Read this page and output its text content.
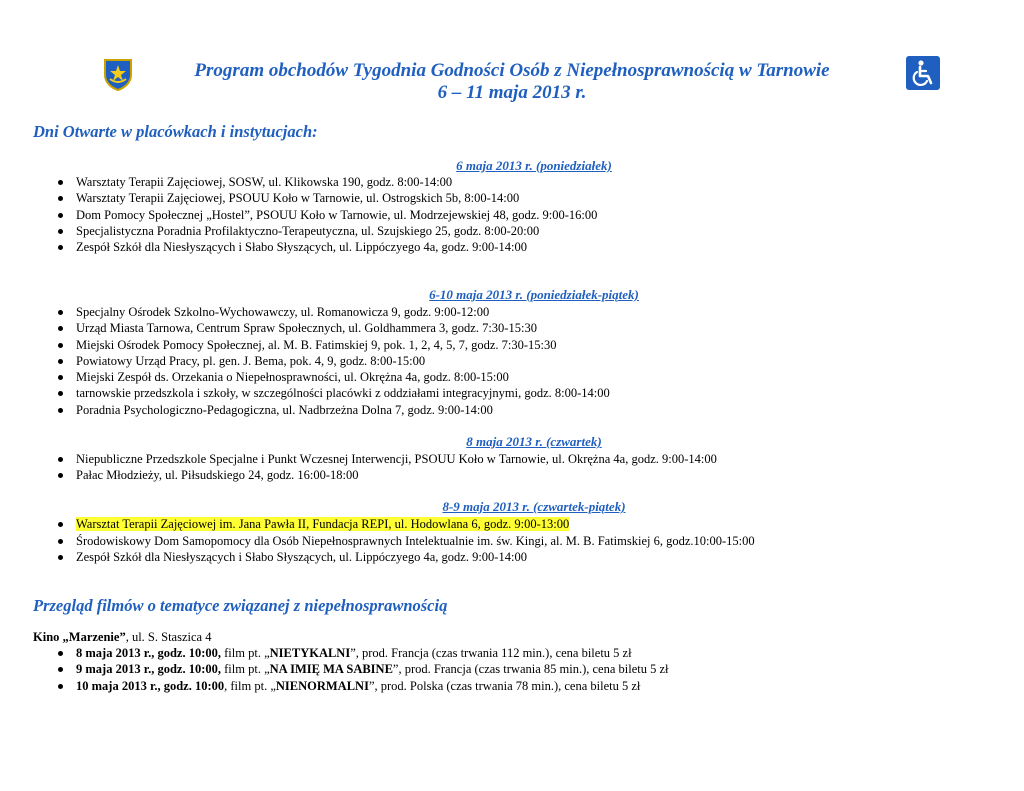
Program obchodów Tygodnia Godności Osób z Niepełnosprawnością w Tarnowie
6 – 11 maja 2013 r.
Dni Otwarte w placówkach i instytucjach:
6 maja 2013 r. (poniedziałek)
Warsztaty Terapii Zajęciowej, SOSW, ul. Klikowska 190, godz. 8:00-14:00
Warsztaty Terapii Zajęciowej, PSOUU Koło w Tarnowie, ul. Ostrogskich 5b, 8:00-14:00
Dom Pomocy Społecznej „Hostel”, PSOUU Koło w Tarnowie, ul. Modrzejewskiej 48, godz. 9:00-16:00
Specjalistyczna Poradnia Profilaktyczno-Terapeutyczna, ul. Szujskiego 25, godz. 8:00-20:00
Zespół Szkół dla Niesłyszących i Słabo Słyszących, ul. Lippóczyego 4a, godz. 9:00-14:00
6-10 maja 2013 r. (poniedziałek-piątek)
Specjalny Ośrodek Szkolno-Wychowawczy, ul. Romanowicza 9, godz. 9:00-12:00
Urząd Miasta Tarnowa, Centrum Spraw Społecznych, ul. Goldhammera 3, godz. 7:30-15:30
Miejski Ośrodek Pomocy Społecznej, al. M. B. Fatimskiej 9, pok. 1, 2, 4, 5, 7, godz. 7:30-15:30
Powiatowy Urząd Pracy, pl. gen. J. Bema, pok. 4, 9, godz. 8:00-15:00
Miejski Zespół ds. Orzekania o Niepełnosprawności, ul. Okrężna 4a, godz. 8:00-15:00
tarnowskie przedszkola i szkoły, w szczególności placówki z oddziałami integracyjnymi, godz. 8:00-14:00
Poradnia Psychologiczno-Pedagogiczna, ul. Nadbrzeżna Dolna 7, godz. 9:00-14:00
8 maja 2013 r. (czwartek)
Niepubliczne Przedszkole Specjalne i Punkt Wczesnej Interwencji, PSOUU Koło w Tarnowie, ul. Okrężna 4a, godz. 9:00-14:00
Pałac Młodzieży, ul. Piłsudskiego 24, godz. 16:00-18:00
8-9 maja 2013 r. (czwartek-piątek)
Warsztat Terapii Zajęciowej im. Jana Pawła II, Fundacja REPI, ul. Hodowlana 6, godz. 9:00-13:00

Środowiskowy Dom Samopomocy dla Osób Niepełnosprawnych Intelektualnie im. św. Kingi, al. M. B. Fatimskiej 6, godz.10:00-15:00
Zespół Szkół dla Niesłyszących i Słabo Słyszących, ul. Lippóczyego 4a, godz. 9:00-14:00
Przegląd filmów o tematyce związanej z niepełnosprawnością
Kino „Marzenie”, ul. S. Staszica 4
8 maja 2013 r., godz. 10:00, film pt. „NIETYKALNI”, prod. Francja (czas trwania 112 min.), cena biletu 5 zł
9 maja 2013 r., godz. 10:00, film pt. „NA IMIĘ MA SABINE”, prod. Francja (czas trwania 85 min.), cena biletu 5 zł
10 maja 2013 r., godz. 10:00, film pt. „NIENORMALNI”, prod. Polska (czas trwania 78 min.), cena biletu 5 zł
